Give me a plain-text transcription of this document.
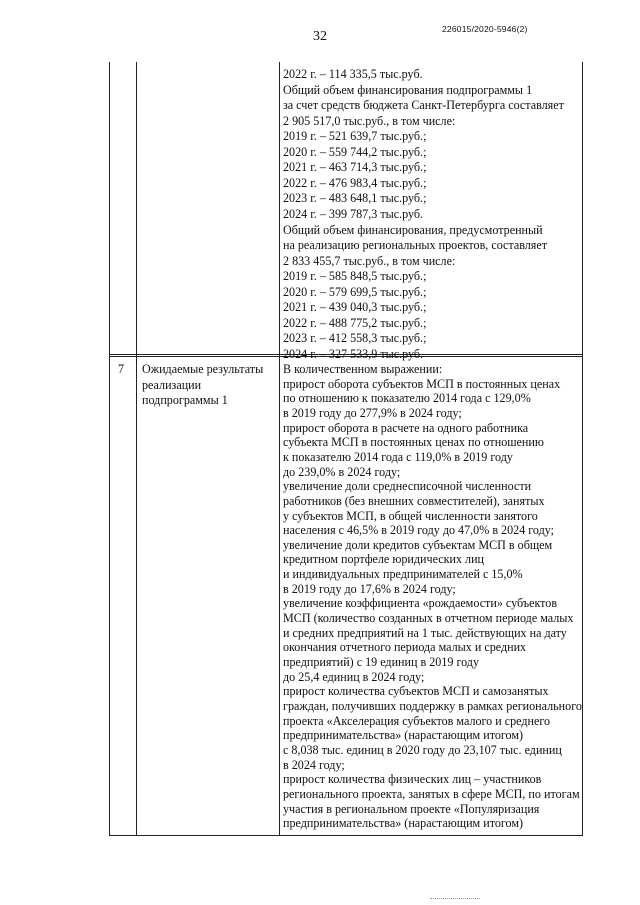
32	226015/2020-5946(2)
2022 г. – 114 335,5 тыс.руб.
Общий объем финансирования подпрограммы 1
за счет средств бюджета Санкт-Петербурга составляет
2 905 517,0 тыс.руб., в том числе:
2019 г. – 521 639,7 тыс.руб.;
2020 г. – 559 744,2 тыс.руб.;
2021 г. – 463 714,3 тыс.руб.;
2022 г. – 476 983,4 тыс.руб.;
2023 г. – 483 648,1 тыс.руб.;
2024 г. – 399 787,3 тыс.руб.
Общий объем финансирования, предусмотренный
на реализацию региональных проектов, составляет
2 833 455,7 тыс.руб., в том числе:
2019 г. – 585 848,5 тыс.руб.;
2020 г. – 579 699,5 тыс.руб.;
2021 г. – 439 040,3 тыс.руб.;
2022 г. – 488 775,2 тыс.руб.;
2023 г. – 412 558,3 тыс.руб.;
2024 г. – 327 533,9 тыс.руб.
7 Ожидаемые результаты
реализации
подпрограммы 1
В количественном выражении:
прирост оборота субъектов МСП в постоянных ценах
по отношению к показателю 2014 года с 129,0%
в 2019 году до 277,9% в 2024 году;
прирост оборота в расчете на одного работника
субъекта МСП в постоянных ценах по отношению
к показателю 2014 года с 119,0% в 2019 году
до 239,0% в 2024 году;
увеличение доли среднесписочной численности
работников (без внешних совместителей), занятых
у субъектов МСП, в общей численности занятого
населения с 46,5% в 2019 году до 47,0% в 2024 году;
увеличение доли кредитов субъектам МСП в общем
кредитном портфеле юридических лиц
и индивидуальных предпринимателей с 15,0%
в 2019 году до 17,6% в 2024 году;
увеличение коэффициента «рождаемости» субъектов
МСП (количество созданных в отчетном периоде малых
и средних предприятий на 1 тыс. действующих на дату
окончания отчетного периода малых и средних
предприятий) с 19 единиц в 2019 году
до 25,4 единиц в 2024 году;
прирост количества субъектов МСП и самозанятых
граждан, получивших поддержку в рамках регионального
проекта «Акселерация субъектов малого и среднего
предпринимательства» (нарастающим итогом)
с 8,038 тыс. единиц в 2020 году до 23,107 тыс. единиц
в 2024 году;
прирост количества физических лиц – участников
регионального проекта, занятых в сфере МСП, по итогам
участия в региональном проекте «Популяризация
предпринимательства» (нарастающим итогом)
